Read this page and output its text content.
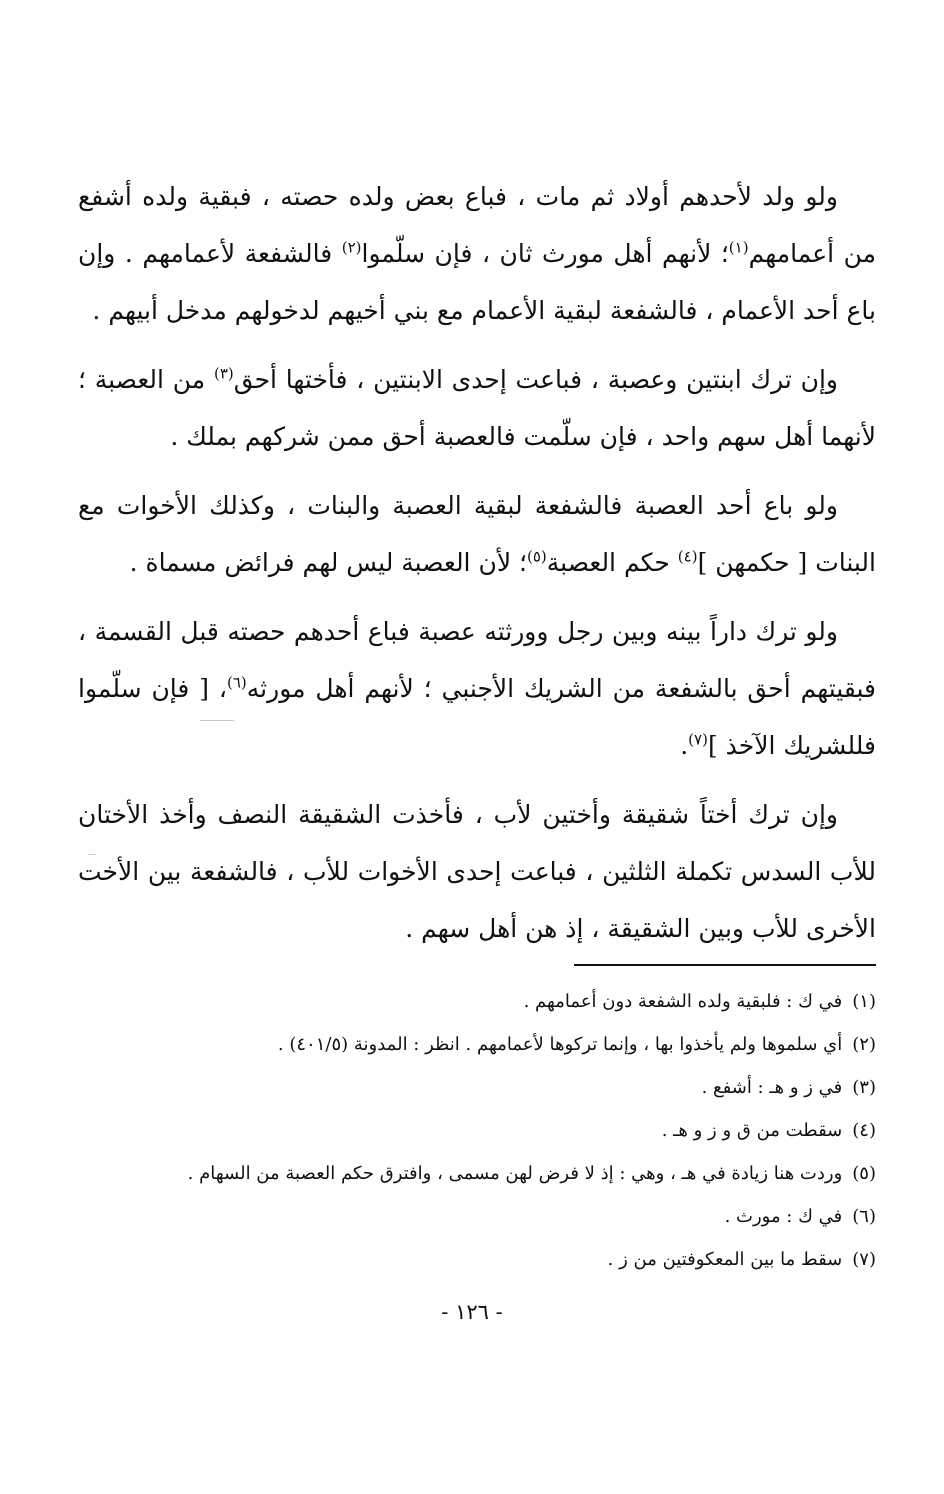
ولو ولد لأحدهم أولاد ثم مات ، فباع بعض ولده حصته ، فبقية ولده أشفع من أعمامهم$^{(١)}$؛ لأنهم أهل مورث ثان ، فإن سلّموا$^{(٢)}$ فالشفعة لأعمامهم . وإن باع أحد الأعمام ، فالشفعة لبقية الأعمام مع بني أخيهم لدخولهم مدخل أبيهم .

وإن ترك ابنتين وعصبة ، فباعت إحدى الابنتين ، فأختها أحق$^{(٣)}$ من العصبة ؛ لأنهما أهل سهم واحد ، فإن سلّمت فالعصبة أحق ممن شركهم بملك .

ولو باع أحد العصبة فالشفعة لبقية العصبة والبنات ، وكذلك الأخوات مع البنات [ حكمهن ]$^{(٤)}$ حكم العصبة$^{(٥)}$؛ لأن العصبة ليس لهم فرائض مسماة .

ولو ترك داراً بينه وبين رجل وورثته عصبة فباع أحدهم حصته قبل القسمة ، فبقيتهم أحق بالشفعة من الشريك الأجنبي ؛ لأنهم أهل مورثه$^{(٦)}$، [ فإن سلّموا فللشريك الآخذ ]$^{(٧)}$.

وإن ترك أختاً شقيقة وأختين لأب ، فأخذت الشقيقة النصف وأخذ الأختان للأب السدس تكملة الثلثين ، فباعت إحدى الأخوات للأب ، فالشفعة بين الأخت الأخرى للأب وبين الشقيقة ، إذ هن أهل سهم .

(١)في ك : فلبقية ولده الشفعة دون أعمامهم .
(٢)أي سلموها ولم يأخذوا بها ، وإنما تركوها لأعمامهم . انظر : المدونة (٤٠١/٥) .
(٣)في ز و هـ : أشفع .
(٤)سقطت من ق و ز و هـ .
(٥)وردت هنا زيادة في هـ ، وهي : إذ لا فرض لهن مسمى ، وافترق حكم العصبة من السهام .
(٦)في ك : مورث .
(٧)سقط ما بين المعكوفتين من ز .
- ١٢٦ -
